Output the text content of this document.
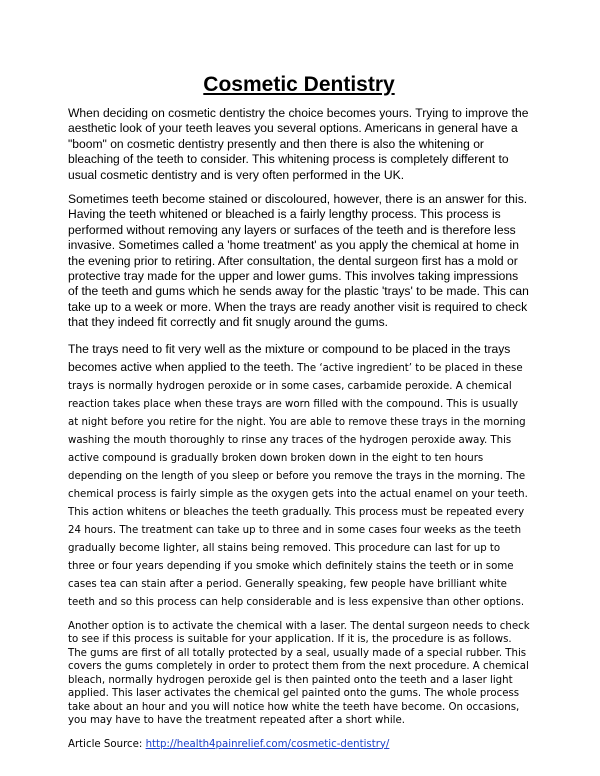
Cosmetic Dentistry

When deciding on cosmetic dentistry the choice becomes yours. Trying to improve the aesthetic look of your teeth leaves you several options. Americans in general have a "boom" on cosmetic dentistry presently and then there is also the whitening or bleaching of the teeth to consider. This whitening process is completely different to usual cosmetic dentistry and is very often performed in the UK.

Sometimes teeth become stained or discoloured, however, there is an answer for this. Having the teeth whitened or bleached is a fairly lengthy process. This process is performed without removing any layers or surfaces of the teeth and is therefore less invasive. Sometimes called a 'home treatment' as you apply the chemical at home in the evening prior to retiring. After consultation, the dental surgeon first has a mold or protective tray made for the upper and lower gums. This involves taking impressions of the teeth and gums which he sends away for the plastic 'trays' to be made. This can take up to a week or more. When the trays are ready another visit is required to check that they indeed fit correctly and fit snugly around the gums.

The trays need to fit very well as the mixture or compound to be placed in the trays becomes active when applied to the teeth. The ‘active ingredient’ to be placed in these trays is normally hydrogen peroxide or in some cases, carbamide peroxide. A chemical reaction takes place when these trays are worn filled with the compound. This is usually at night before you retire for the night. You are able to remove these trays in the morning washing the mouth thoroughly to rinse any traces of the hydrogen peroxide away. This active compound is gradually broken down broken down in the eight to ten hours depending on the length of you sleep or before you remove the trays in the morning. The chemical process is fairly simple as the oxygen gets into the actual enamel on your teeth. This action whitens or bleaches the teeth gradually. This process must be repeated every 24 hours. The treatment can take up to three and in some cases four weeks as the teeth gradually become lighter, all stains being removed. This procedure can last for up to three or four years depending if you smoke which definitely stains the teeth or in some cases tea can stain after a period. Generally speaking, few people have brilliant white teeth and so this process can help considerable and is less expensive than other options.

Another option is to activate the chemical with a laser. The dental surgeon needs to check to see if this process is suitable for your application. If it is, the procedure is as follows. The gums are first of all totally protected by a seal, usually made of a special rubber. This covers the gums completely in order to protect them from the next procedure. A chemical bleach, normally hydrogen peroxide gel is then painted onto the teeth and a laser light applied. This laser activates the chemical gel painted onto the gums. The whole process take about an hour and you will notice how white the teeth have become. On occasions, you may have to have the treatment repeated after a short while.

Article Source: http://health4painrelief.com/cosmetic-dentistry/
